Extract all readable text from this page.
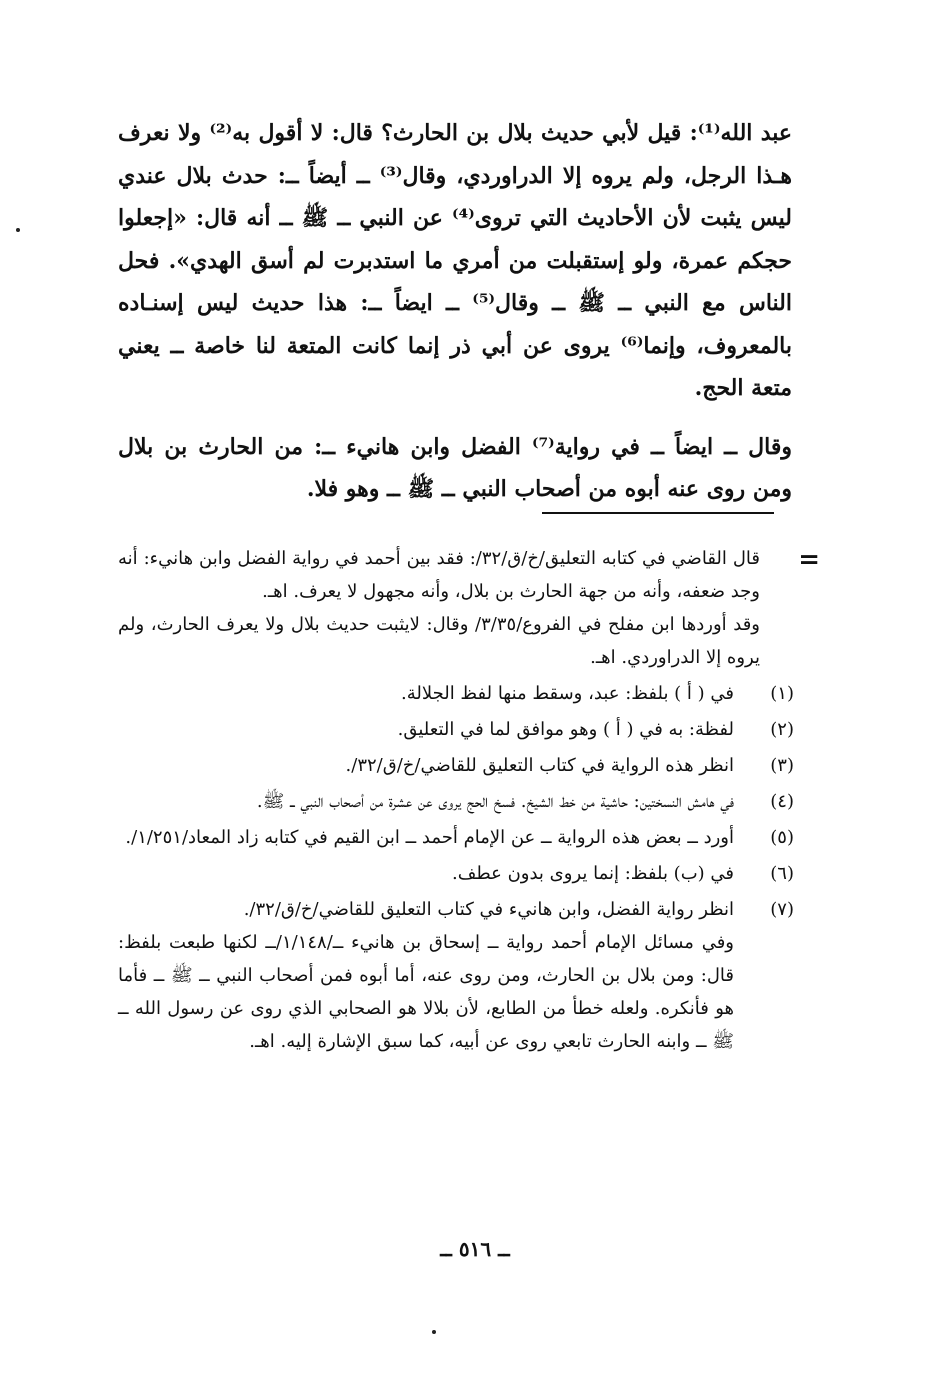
عبد الله⁽¹⁾: قيل لأبي حديث بلال بن الحارث؟ قال: لا أقول به⁽²⁾ ولا نعرف هـذا الرجل، ولم يروه إلا الدراوردي، وقال⁽³⁾ ــ أيضاً ــ: حدث بلال عندي ليس يثبت لأن الأحاديث التي تروى⁽⁴⁾ عن النبي ــ ﷺ ــ أنه قال: «إجعلوا حجكم عمرة، ولو إستقبلت من أمري ما استدبرت لم أسق الهدي». فحل الناس مع النبي ــ ﷺ ــ وقال⁽⁵⁾ ــ ايضاً ــ: هذا حديث ليس إسنـاده بالمعروف، وإنما⁽⁶⁾ يروى عن أبي ذر إنما كانت المتعة لنا خاصة ــ يعني متعة الحج.

وقال ــ ايضاً ــ في رواية⁽⁷⁾ الفضل وابن هانيء ــ: من الحارث بن بلال ومن روى عنه أبوه من أصحاب النبي ــ ﷺ ــ وهو فلا.

=

قال القاضي في كتابه التعليق/خ/ق/٣٢/: فقد بين أحمد في رواية الفضل وابن هانيء: أنه وجد ضعفه، وأنه من جهة الحارث بن بلال، وأنه مجهول لا يعرف. اهـ.

وقد أوردها ابن مفلح في الفروع/٣/٣٥/ وقال: لايثبت حديث بلال ولا يعرف الحارث، ولم يروه إلا الدراوردي. اهـ.

(١)
في ( أ ) بلفظ: عبد، وسقط منها لفظ الجلالة.
(٢)
لفظة: به في ( أ ) وهو موافق لما في التعليق.
(٣)
انظر هذه الرواية في كتاب التعليق للقاضي/خ/ق/٣٢/.
(٤)
في هامش النسختين: حاشية من خط الشيخ. فسخ الحج يروى عن عشرة من أصحاب النبي ــ ﷺ.
(٥)
أورد ــ بعض هذه الرواية ــ عن الإمام أحمد ــ ابن القيم في كتابه زاد المعاد/١/٢٥١/.
(٦)
في (ب) بلفظ: إنما يروى بدون عطف.
(٧)
انظر رواية الفضل، وابن هانيء في كتاب التعليق للقاضي/خ/ق/٣٢/.

وفي مسائل الإمام أحمد رواية ــ إسحاق بن هانيء ــ/١/١٤٨/ــ لكنها طبعت بلفظ: قال: ومن بلال بن الحارث، ومن روى عنه، أما أبوه فمن أصحاب النبي ــ ﷺ ــ فأما هو فأنكره. ولعله خطأ من الطابع، لأن بلالا هو الصحابي الذي روى عن رسول الله ــ ﷺ ــ وابنه الحارث تابعي روى عن أبيه، كما سبق الإشارة إليه. اهـ.

ــ ٥١٦ ــ
